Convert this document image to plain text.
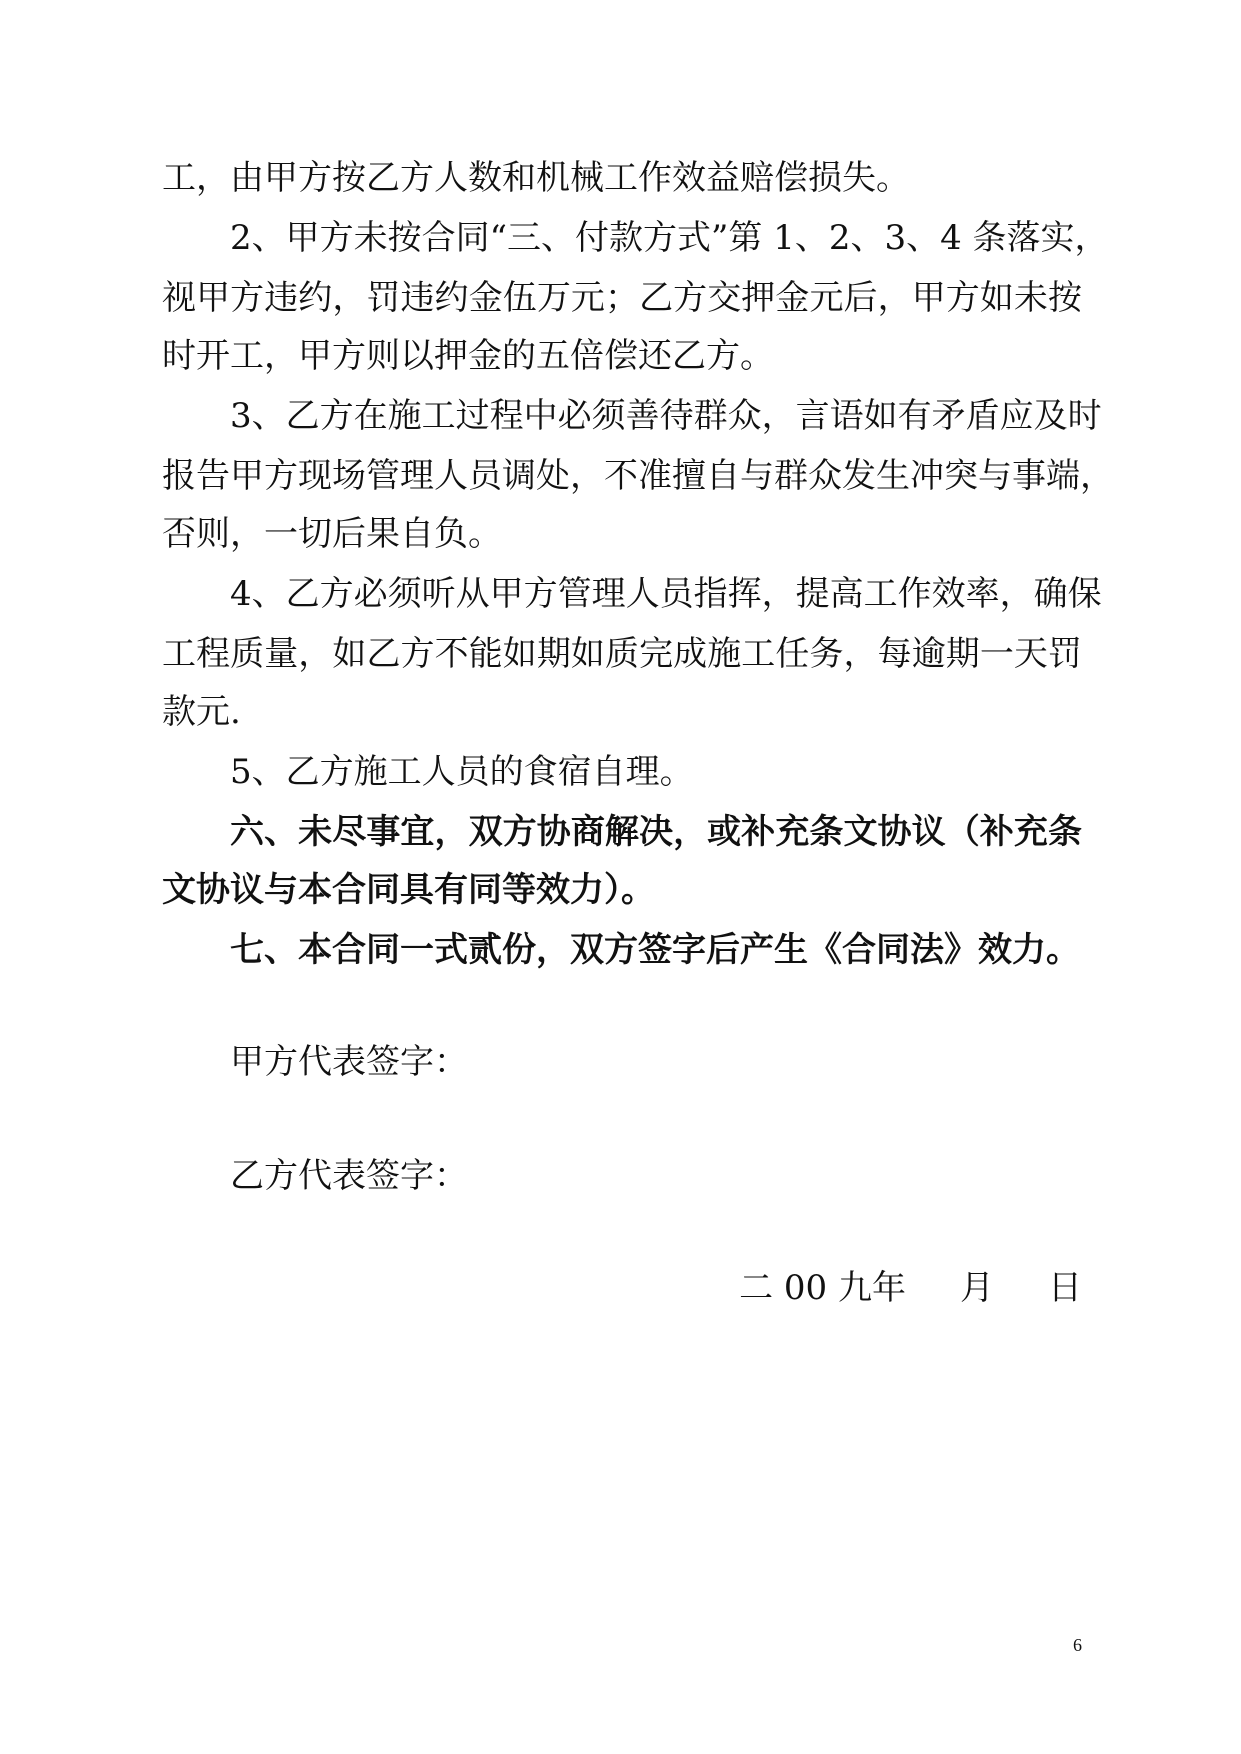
工，由甲方按乙方人数和机械工作效益赔偿损失。
2、甲方未按合同“三、付款方式”第 1、2、3、4 条落实，
视甲方违约，罚违约金伍万元；乙方交押金元后，甲方如未按
时开工，甲方则以押金的五倍偿还乙方。
3、乙方在施工过程中必须善待群众，言语如有矛盾应及时
报告甲方现场管理人员调处，不准擅自与群众发生冲突与事端，
否则，一切后果自负。
4、乙方必须听从甲方管理人员指挥，提高工作效率，确保
工程质量，如乙方不能如期如质完成施工任务，每逾期一天罚
款元.
5、乙方施工人员的食宿自理。
六、未尽事宜，双方协商解决，或补充条文协议（补充条
文协议与本合同具有同等效力）。
七、本合同一式贰份，双方签字后产生《合同法》效力。
甲方代表签字：
乙方代表签字：
二 00 九年 月 日
6
